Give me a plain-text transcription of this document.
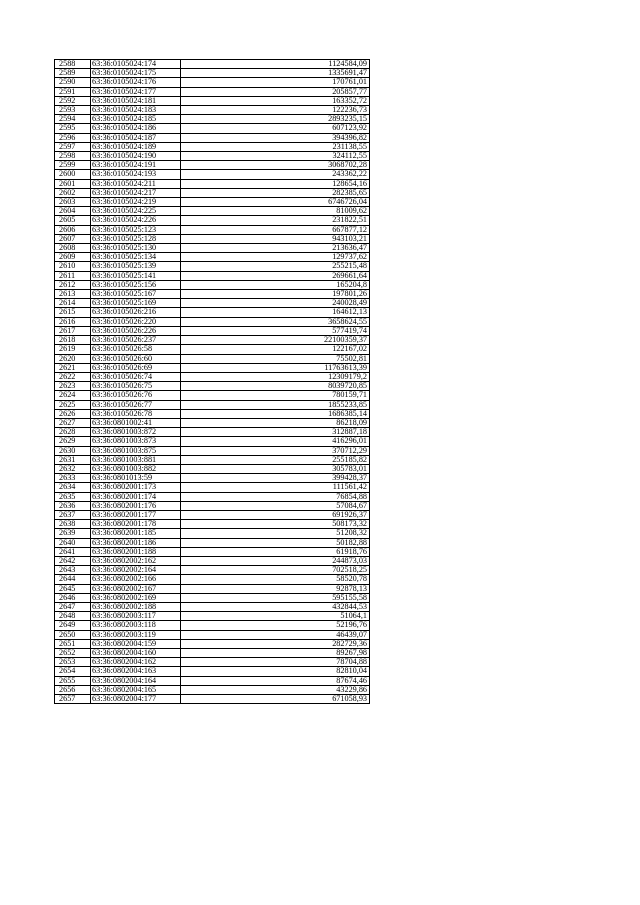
2588	63:36:0105024:174	1124584,09
2589	63:36:0105024:175	1335691,47
2590	63:36:0105024:176	170761,01
2591	63:36:0105024:177	205857,77
2592	63:36:0105024:181	163352,72
2593	63:36:0105024:183	122236,73
2594	63:36:0105024:185	2893235,15
2595	63:36:0105024:186	607123,92
2596	63:36:0105024:187	394396,82
2597	63:36:0105024:189	231138,55
2598	63:36:0105024:190	324112,55
2599	63:36:0105024:191	3068702,28
2600	63:36:0105024:193	243362,22
2601	63:36:0105024:211	128654,16
2602	63:36:0105024:217	282385,65
2603	63:36:0105024:219	6746726,04
2604	63:36:0105024:225	81009,62
2605	63:36:0105024:226	231822,51
2606	63:36:0105025:123	667877,12
2607	63:36:0105025:128	943103,21
2608	63:36:0105025:130	213636,47
2609	63:36:0105025:134	129737,62
2610	63:36:0105025:139	255215,48
2611	63:36:0105025:141	269661,64
2612	63:36:0105025:156	165204,8
2613	63:36:0105025:167	197801,26
2614	63:36:0105025:169	240028,49
2615	63:36:0105026:216	164612,13
2616	63:36:0105026:220	3658624,55
2617	63:36:0105026:226	577419,74
2618	63:36:0105026:237	22100359,37
2619	63:36:0105026:58	122167,02
2620	63:36:0105026:60	75502,81
2621	63:36:0105026:69	11763613,39
2622	63:36:0105026:74	12309179,2
2623	63:36:0105026:75	8039720,85
2624	63:36:0105026:76	780159,71
2625	63:36:0105026:77	1855233,85
2626	63:36:0105026:78	1686385,14
2627	63:36:0801002:41	86218,09
2628	63:36:0801003:872	312887,18
2629	63:36:0801003:873	416296,01
2630	63:36:0801003:875	370712,29
2631	63:36:0801003:881	255185,82
2632	63:36:0801003:882	305783,01
2633	63:36:0801013:59	399428,37
2634	63:36:0802001:173	111561,42
2635	63:36:0802001:174	76854,88
2636	63:36:0802001:176	57084,67
2637	63:36:0802001:177	691926,37
2638	63:36:0802001:178	508173,32
2639	63:36:0802001:185	51208,32
2640	63:36:0802001:186	50182,88
2641	63:36:0802001:188	61918,76
2642	63:36:0802002:162	244873,03
2643	63:36:0802002:164	702518,25
2644	63:36:0802002:166	58520,78
2645	63:36:0802002:167	92878,13
2646	63:36:0802002:169	595155,58
2647	63:36:0802002:188	432844,53
2648	63:36:0802003:117	51064,1
2649	63:36:0802003:118	52196,76
2650	63:36:0802003:119	46439,07
2651	63:36:0802004:159	282729,36
2652	63:36:0802004:160	89267,98
2653	63:36:0802004:162	78704,88
2654	63:36:0802004:163	82810,04
2655	63:36:0802004:164	87674,46
2656	63:36:0802004:165	43229,86
2657	63:36:0802004:177	671058,93
